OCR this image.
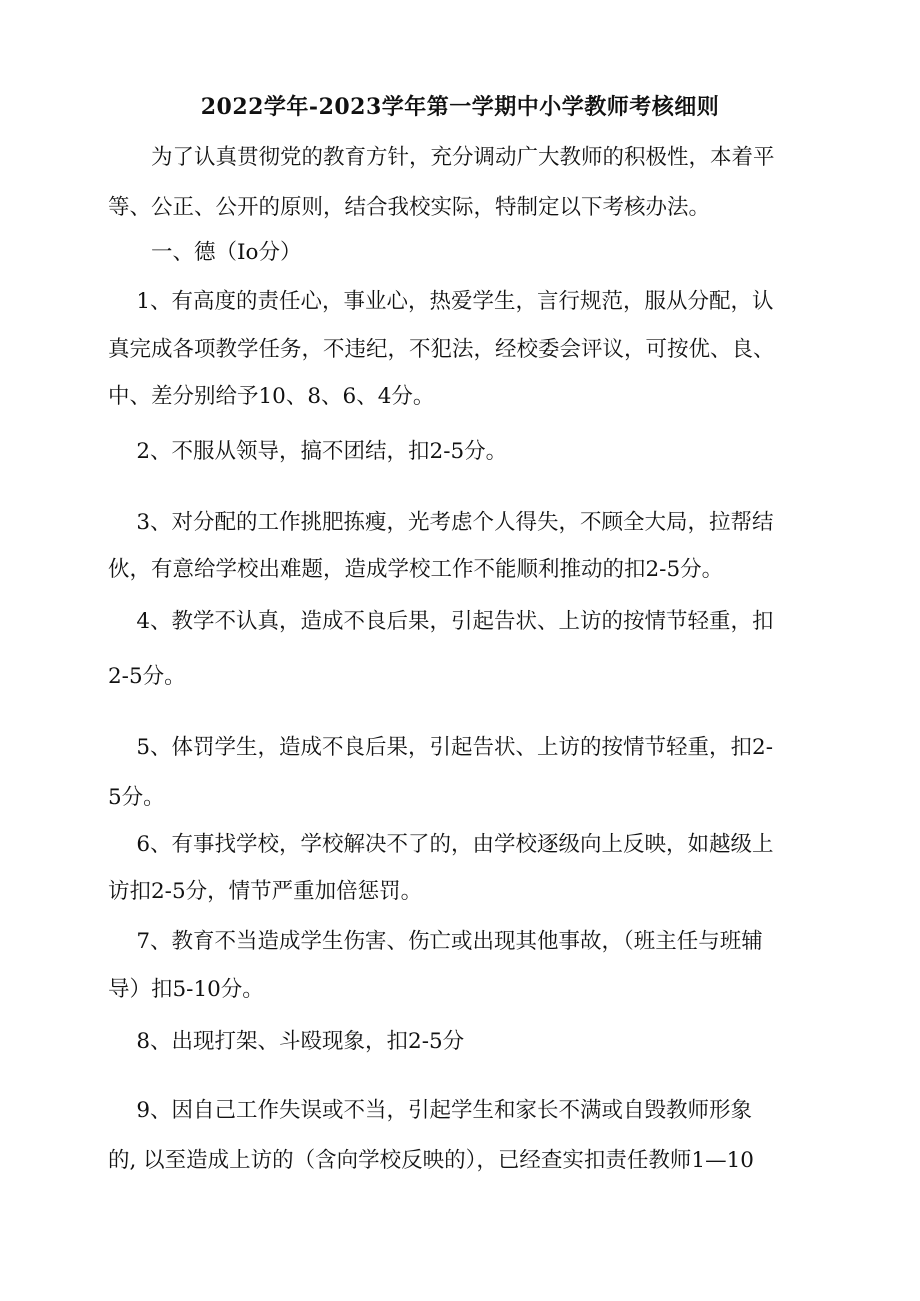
2022学年-2023学年第一学期中小学教师考核细则
　　为了认真贯彻党的教育方针，充分调动广大教师的积极性，本着平
等、公正、公开的原则，结合我校实际，特制定以下考核办法。
　　一、德（Io分）
　 1、有高度的责任心，事业心，热爱学生，言行规范，服从分配，认
真完成各项教学任务，不违纪，不犯法，经校委会评议，可按优、良、
中、差分别给予10、8、6、4分。
　 2、不服从领导，搞不团结，扣2-5分。
　 3、对分配的工作挑肥拣瘦，光考虑个人得失，不顾全大局，拉帮结
伙，有意给学校出难题，造成学校工作不能顺利推动的扣2-5分。
　 4、教学不认真，造成不良后果，引起告状、上访的按情节轻重，扣
2-5分。
　 5、体罚学生，造成不良后果，引起告状、上访的按情节轻重，扣2-
5分。
　 6、有事找学校，学校解决不了的，由学校逐级向上反映，如越级上
访扣2-5分，情节严重加倍惩罚。
　 7、教育不当造成学生伤害、伤亡或出现其他事故，（班主任与班辅
导）扣5-10分。
　 8、出现打架、斗殴现象，扣2-5分
　 9、因自己工作失误或不当，引起学生和家长不满或自毁教师形象
的, 以至造成上访的（含向学校反映的），已经查实扣责任教师1—10
